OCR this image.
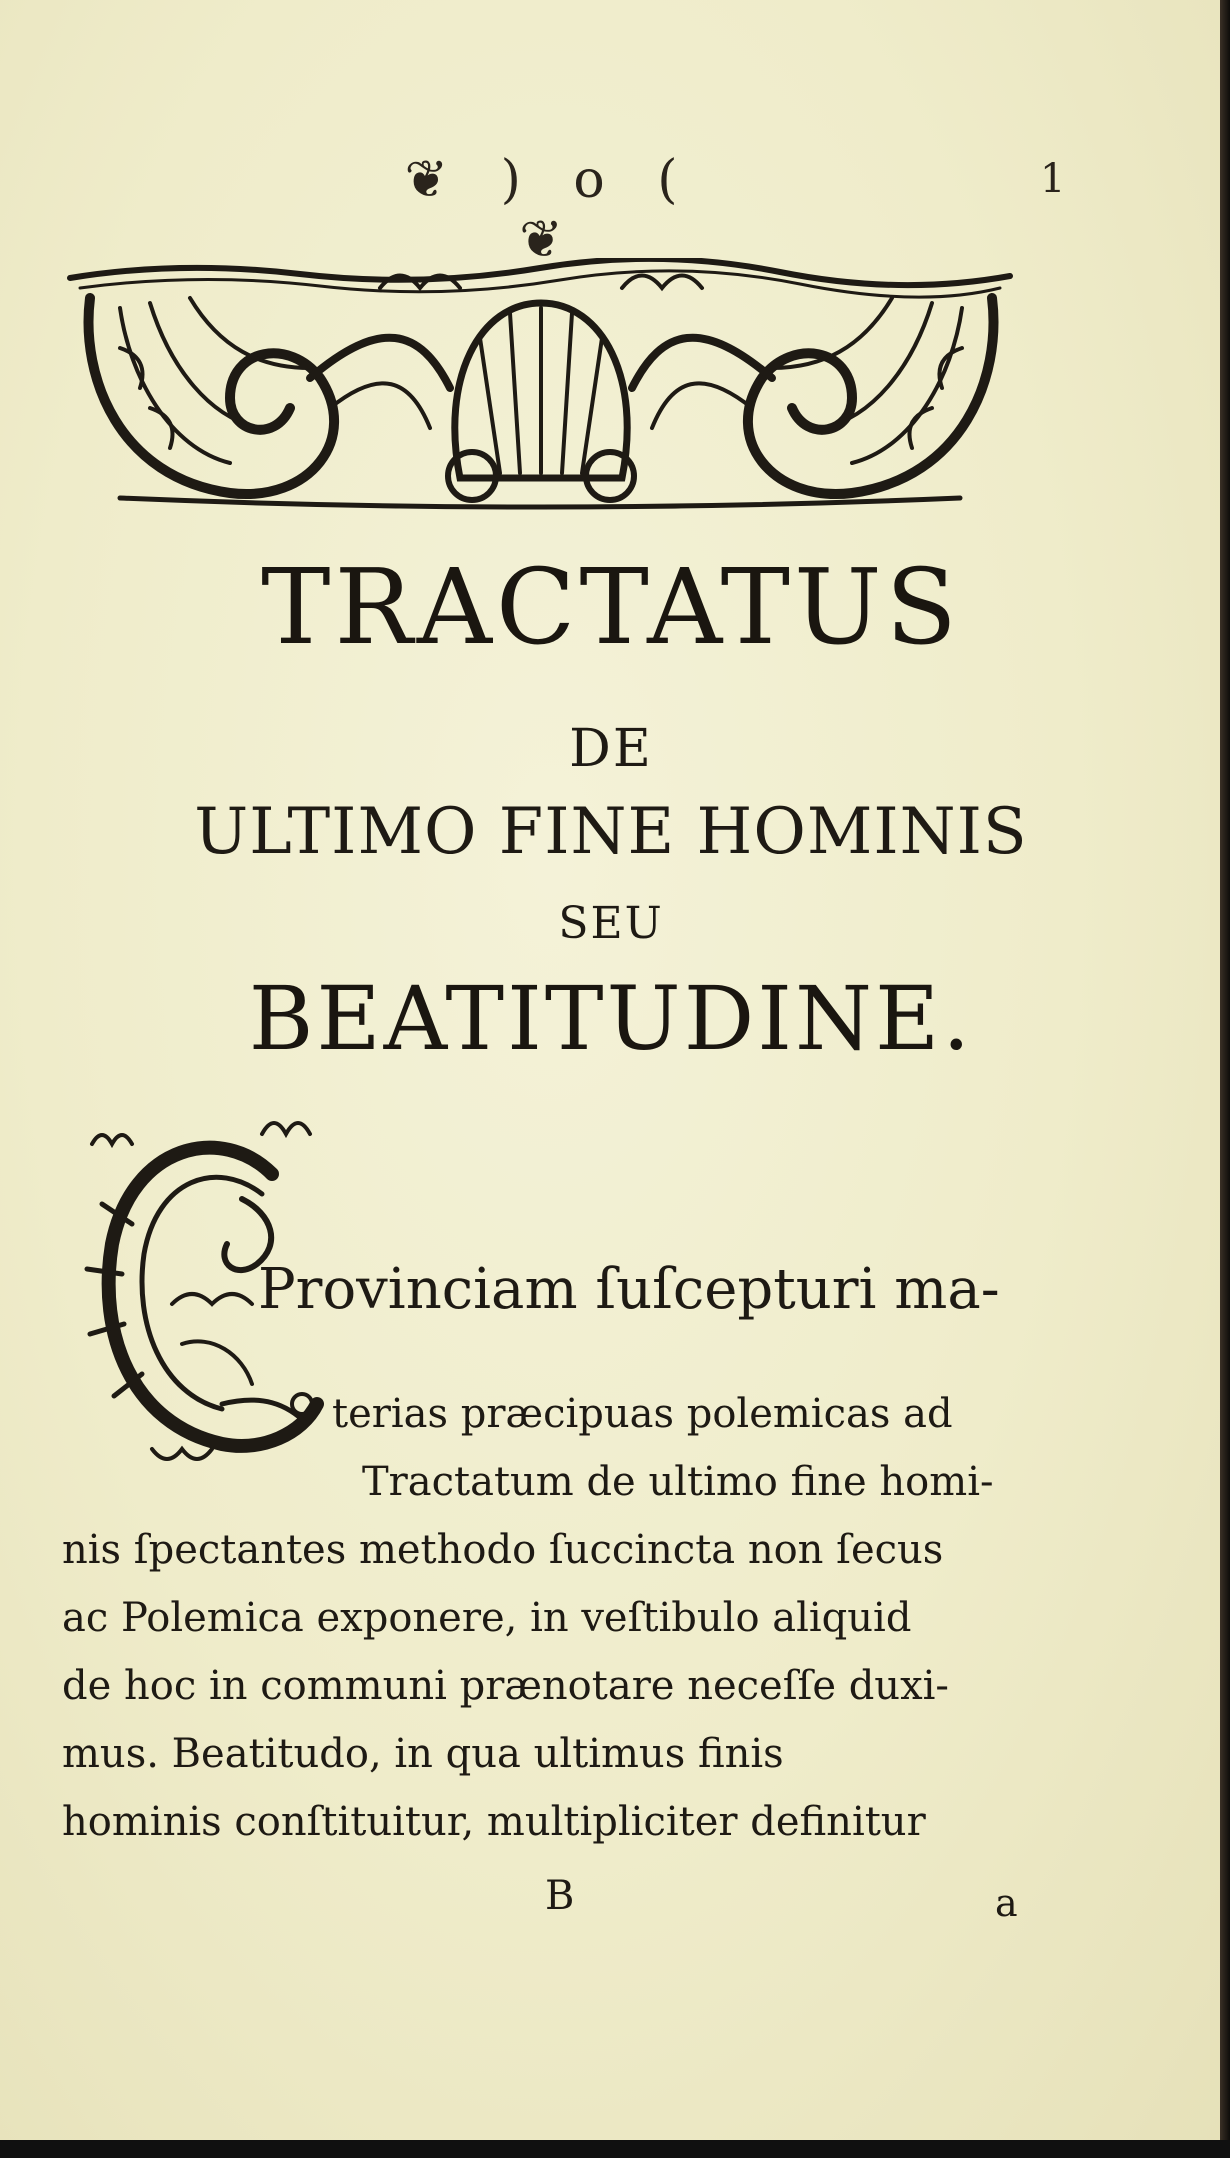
❦ ) o ( ❦
1
TRACTATUS
DE
ULTIMO FINE HOMINIS
SEU
BEATITUDINE.
Provinciam ſuſcepturi ma-
terias præcipuas polemicas ad
Tractatum de ultimo fine homi-
nis ſpectantes methodo ſuccincta non ſecus
ac Polemica exponere, in veſtibulo aliquid
de hoc in communi prænotare neceſſe duxi-
mus. Beatitudo, in qua ultimus finis
hominis conſtituitur, multipliciter definitur
B	a
